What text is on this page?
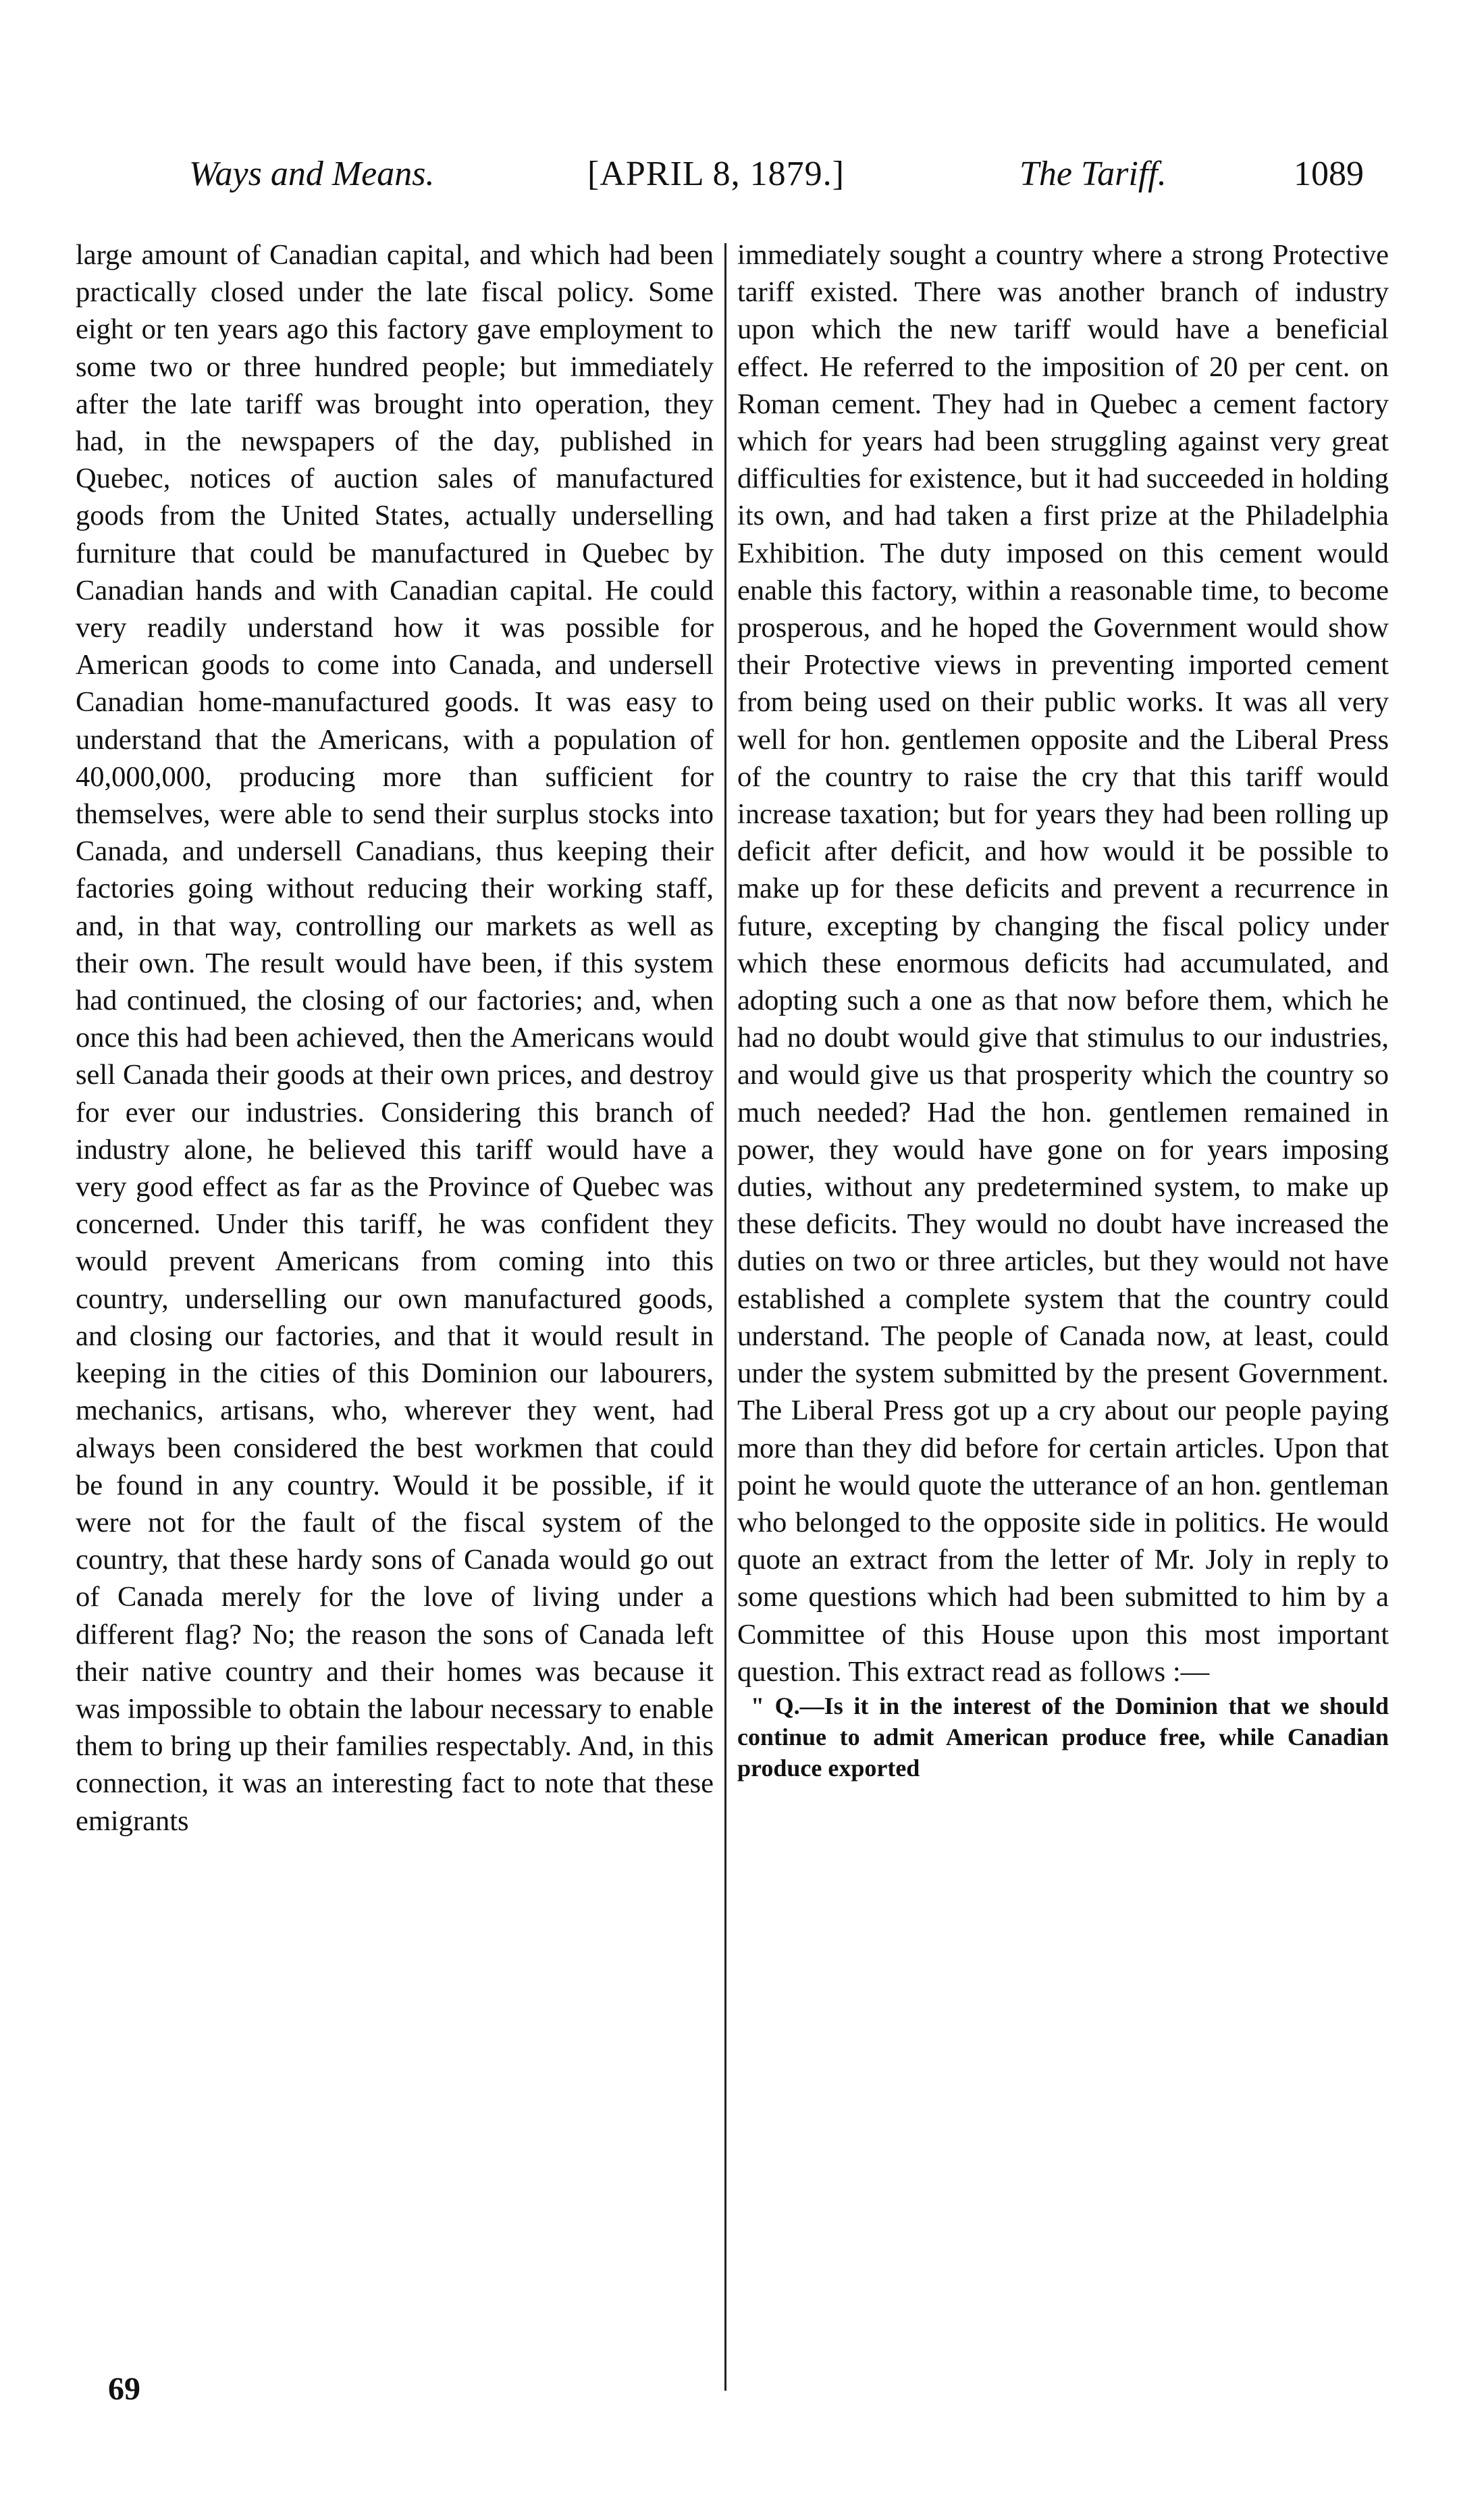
Ways and Means.	[APRIL 8, 1879.]	The Tariff.	1089

large amount of Canadian capital, and which had been practically closed under the late fiscal policy. Some eight or ten years ago this factory gave employment to some two or three hundred people; but immediately after the late tariff was brought into operation, they had, in the newspapers of the day, published in Quebec, notices of auction sales of manufactured goods from the United States, actually underselling furniture that could be manufactured in Quebec by Canadian hands and with Canadian capital. He could very readily understand how it was possible for American goods to come into Canada, and undersell Canadian home-manufactured goods. It was easy to understand that the Americans, with a population of 40,000,000, producing more than sufficient for themselves, were able to send their surplus stocks into Canada, and undersell Canadians, thus keeping their factories going without reducing their working staff, and, in that way, controlling our markets as well as their own. The result would have been, if this system had continued, the closing of our factories; and, when once this had been achieved, then the Americans would sell Canada their goods at their own prices, and destroy for ever our industries. Considering this branch of industry alone, he believed this tariff would have a very good effect as far as the Province of Quebec was concerned. Under this tariff, he was confident they would prevent Americans from coming into this country, underselling our own manufactured goods, and closing our factories, and that it would result in keeping in the cities of this Dominion our labourers, mechanics, artisans, who, wherever they went, had always been considered the best workmen that could be found in any country. Would it be possible, if it were not for the fault of the fiscal system of the country, that these hardy sons of Canada would go out of Canada merely for the love of living under a different flag? No; the reason the sons of Canada left their native country and their homes was because it was impossible to obtain the labour necessary to enable them to bring up their families respectably. And, in this connection, it was an interesting fact to note that these emigrants

immediately sought a country where a strong Protective tariff existed. There was another branch of industry upon which the new tariff would have a beneficial effect. He referred to the imposition of 20 per cent. on Roman cement. They had in Quebec a cement factory which for years had been struggling against very great difficulties for existence, but it had succeeded in holding its own, and had taken a first prize at the Philadelphia Exhibition. The duty imposed on this cement would enable this factory, within a reasonable time, to become prosperous, and he hoped the Government would show their Protective views in preventing imported cement from being used on their public works. It was all very well for hon. gentlemen opposite and the Liberal Press of the country to raise the cry that this tariff would increase taxation; but for years they had been rolling up deficit after deficit, and how would it be possible to make up for these deficits and prevent a recurrence in future, excepting by changing the fiscal policy under which these enormous deficits had accumulated, and adopting such a one as that now before them, which he had no doubt would give that stimulus to our industries, and would give us that prosperity which the country so much needed? Had the hon. gentlemen remained in power, they would have gone on for years imposing duties, without any predetermined system, to make up these deficits. They would no doubt have increased the duties on two or three articles, but they would not have established a complete system that the country could understand. The people of Canada now, at least, could under the system submitted by the present Government. The Liberal Press got up a cry about our people paying more than they did before for certain articles. Upon that point he would quote the utterance of an hon. gentleman who belonged to the opposite side in politics. He would quote an extract from the letter of Mr. Joly in reply to some questions which had been submitted to him by a Committee of this House upon this most important question. This extract read as follows :—

" Q.—Is it in the interest of the Dominion that we should continue to admit American produce free, while Canadian produce exported

69
